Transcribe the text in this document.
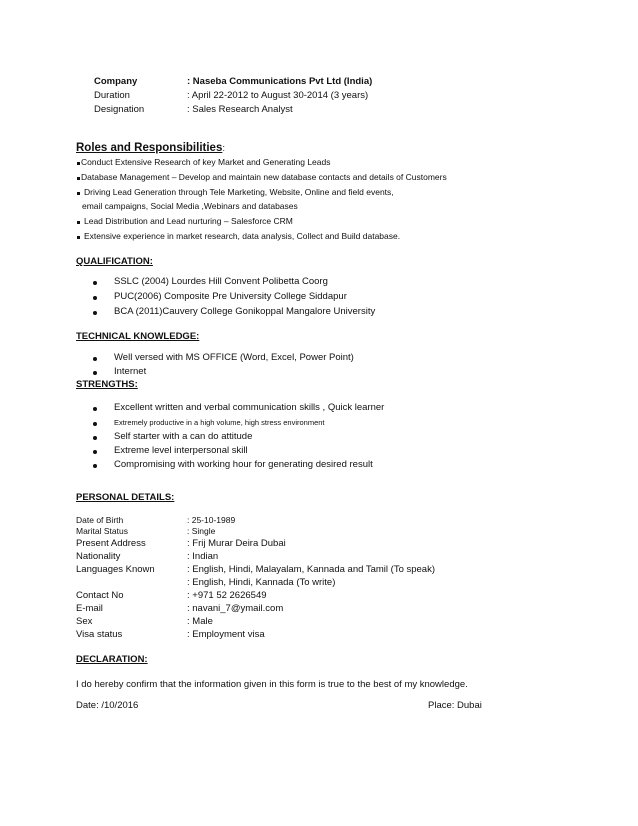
Company	: Naseba Communications Pvt Ltd (India)
Duration	: April 22-2012 to August 30-2014 (3 years)
Designation	: Sales Research Analyst
Roles and Responsibilities:
Conduct Extensive Research of key Market and Generating Leads
Database Management – Develop and maintain new database contacts and details of Customers
Driving Lead Generation through Tele Marketing, Website, Online and field events,
email campaigns, Social Media ,Webinars and databases
Lead Distribution and Lead nurturing – Salesforce CRM
Extensive experience in market research, data analysis, Collect and Build database.
QUALIFICATION:
SSLC (2004) Lourdes Hill Convent Polibetta Coorg
PUC(2006) Composite Pre University College Siddapur
BCA (2011)Cauvery College Gonikoppal Mangalore University
TECHNICAL KNOWLEDGE:
Well versed with MS OFFICE (Word, Excel, Power Point)
Internet
STRENGTHS:
Excellent written and verbal communication skills , Quick learner
Extremely productive in a high volume, high stress environment
Self starter with a can do attitude
Extreme level interpersonal skill
Compromising with working hour for generating desired result
PERSONAL DETAILS:
Date of Birth	: 25-10-1989
Marital Status	: Single
Present Address	: Frij Murar Deira Dubai
Nationality	: Indian
Languages Known	: English, Hindi, Malayalam, Kannada and Tamil (To speak)
: English, Hindi, Kannada (To write)
Contact No	: +971 52 2626549
E-mail	: navani_7@ymail.com
Sex	: Male
Visa status	: Employment visa
DECLARATION:
I do hereby confirm that the information given in this form is true to the best of my knowledge.
Date: /10/2016	Place: Dubai
